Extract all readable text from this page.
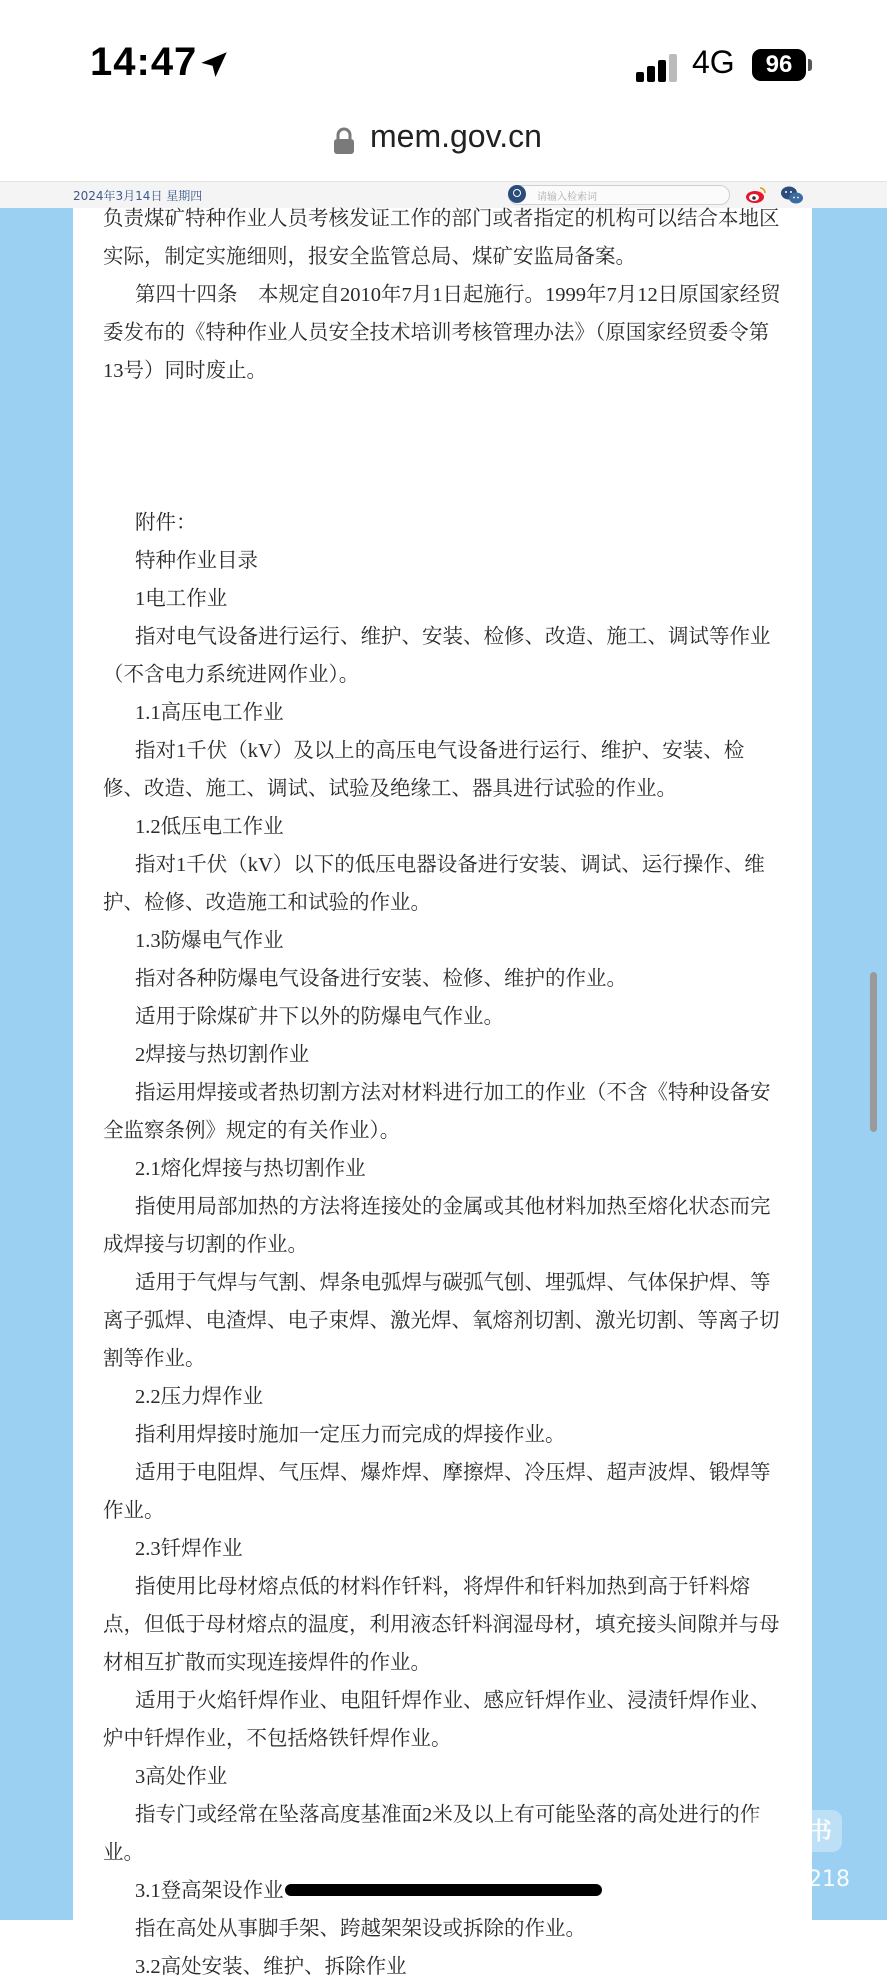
14:47	4G	96
mem.gov.cn
2024年3月14日 星期四	请输入检索词

负责煤矿特种作业人员考核发证工作的部门或者指定的机构可以结合本地区实际，制定实施细则，报安全监管总局、煤矿安监局备案。

第四十四条　本规定自2010年7月1日起施行。1999年7月12日原国家经贸委发布的《特种作业人员安全技术培训考核管理办法》（原国家经贸委令第13号）同时废止。

附件：

特种作业目录

1电工作业

指对电气设备进行运行、维护、安装、检修、改造、施工、调试等作业（不含电力系统进网作业）。

1.1高压电工作业

指对1千伏（kV）及以上的高压电气设备进行运行、维护、安装、检修、改造、施工、调试、试验及绝缘工、器具进行试验的作业。

1.2低压电工作业

指对1千伏（kV）以下的低压电器设备进行安装、调试、运行操作、维护、检修、改造施工和试验的作业。

1.3防爆电气作业

指对各种防爆电气设备进行安装、检修、维护的作业。

适用于除煤矿井下以外的防爆电气作业。

2焊接与热切割作业

指运用焊接或者热切割方法对材料进行加工的作业（不含《特种设备安全监察条例》规定的有关作业）。

2.1熔化焊接与热切割作业

指使用局部加热的方法将连接处的金属或其他材料加热至熔化状态而完成焊接与切割的作业。

适用于气焊与气割、焊条电弧焊与碳弧气刨、埋弧焊、气体保护焊、等离子弧焊、电渣焊、电子束焊、激光焊、氧熔剂切割、激光切割、等离子切割等作业。

2.2压力焊作业

指利用焊接时施加一定压力而完成的焊接作业。

适用于电阻焊、气压焊、爆炸焊、摩擦焊、冷压焊、超声波焊、锻焊等作业。

2.3钎焊作业

指使用比母材熔点低的材料作钎料，将焊件和钎料加热到高于钎料熔点，但低于母材熔点的温度，利用液态钎料润湿母材，填充接头间隙并与母材相互扩散而实现连接焊件的作业。

适用于火焰钎焊作业、电阻钎焊作业、感应钎焊作业、浸渍钎焊作业、炉中钎焊作业，不包括烙铁钎焊作业。

3高处作业

指专门或经常在坠落高度基准面2米及以上有可能坠落的高处进行的作业。

3.1登高架设作业

指在高处从事脚手架、跨越架架设或拆除的作业。

3.2高处安装、维护、拆除作业

小红书
小红书号：107847218
